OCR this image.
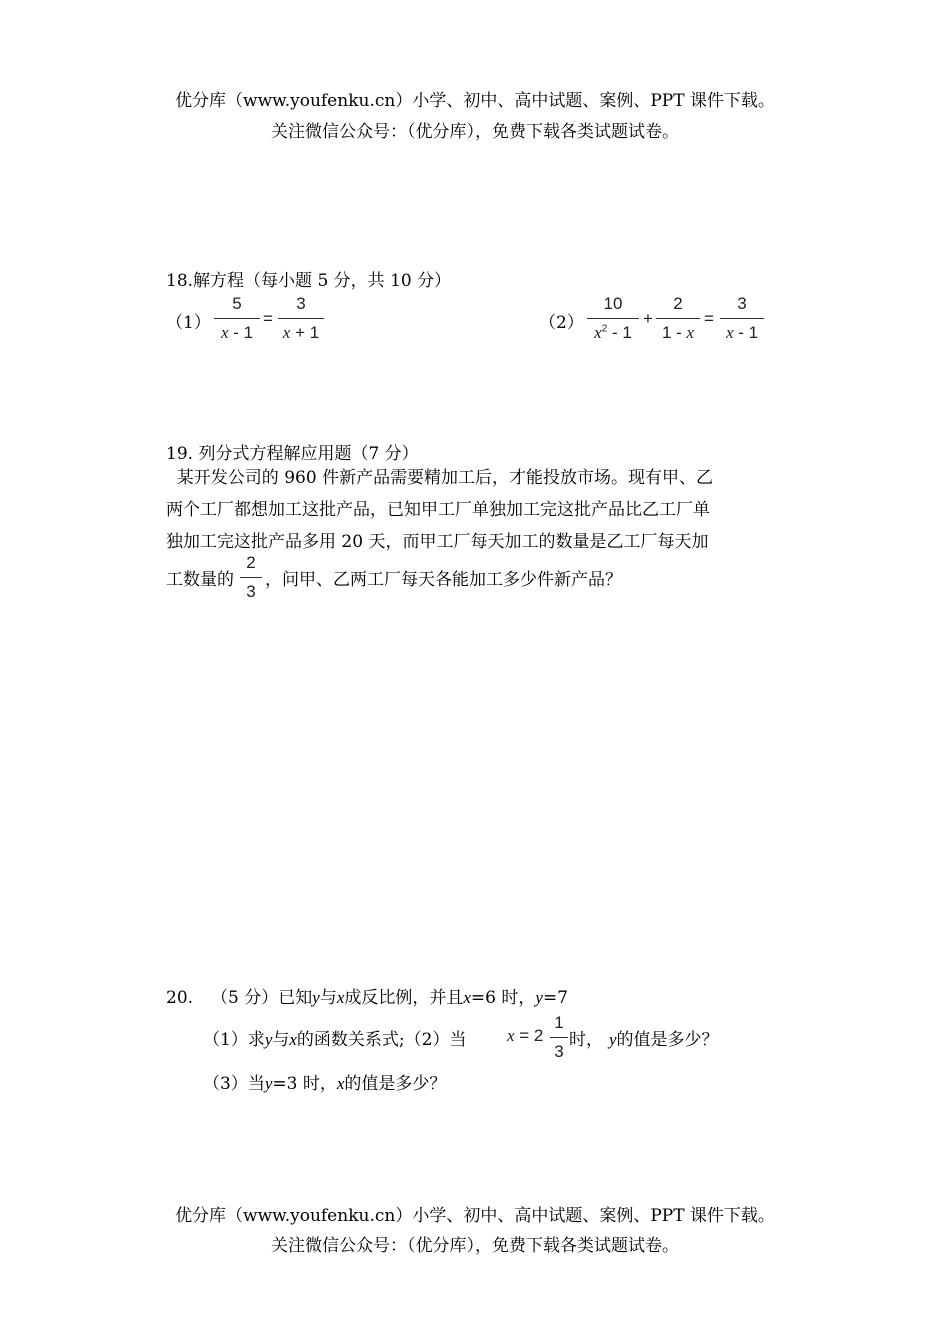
优分库（www.youfenku.cn）小学、初中、高中试题、案例、PPT 课件下载。
关注微信公众号：（优分库），免费下载各类试题试卷。
18.解方程（每小题 5 分，共 10 分）
（1）
5
x - 1
=
3
x + 1	（2）
10
$x^2 - 1$
+
2
1 - x
=
3
x - 1
19. 列分式方程解应用题（7 分）
某开发公司的 960 件新产品需要精加工后，才能投放市场。现有甲、乙
两个工厂都想加工这批产品，已知甲工厂单独加工完这批产品比乙工厂单
独加工完这批产品多用 20 天，而甲工厂每天加工的数量是乙工厂每天加
工数量的
2
3
，问甲、乙两工厂每天各能加工多少件新产品？
20. （5 分）已知y与x成反比例，并且x=6 时，y=7
（1）求y与x的函数关系式;（2）当 x = 2
1
3
时， y的值是多少？
（3）当y=3 时，x的值是多少？
优分库（www.youfenku.cn）小学、初中、高中试题、案例、PPT 课件下载。
关注微信公众号：（优分库），免费下载各类试题试卷。
